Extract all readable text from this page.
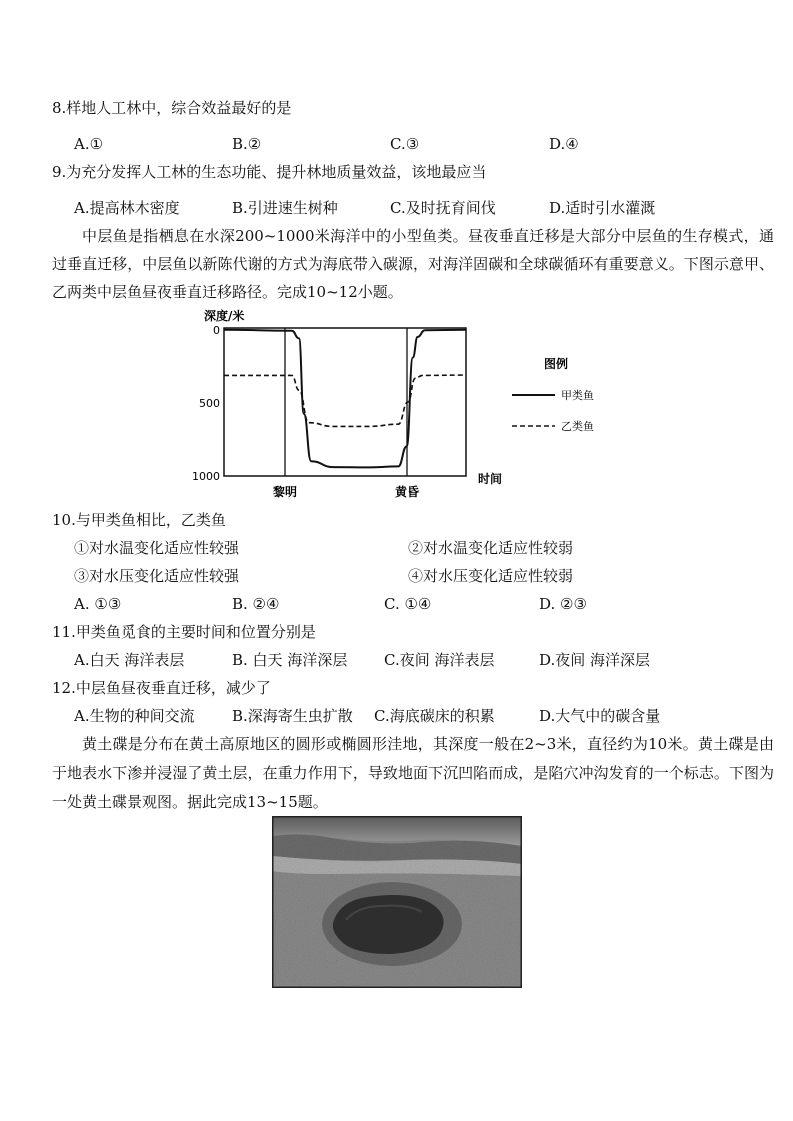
8.样地人工林中，综合效益最好的是
A.①	B.②	C.③	D.④
9.为充分发挥人工林的生态功能、提升林地质量效益，该地最应当
A.提高林木密度	B.引进速生树种	C.及时抚育间伐	D.适时引水灌溉
中层鱼是指栖息在水深200~1000米海洋中的小型鱼类。昼夜垂直迁移是大部分中层鱼的生存模式，通过垂直迁移，中层鱼以新陈代谢的方式为海底带入碳源，对海洋固碳和全球碳循环有重要意义。下图示意甲、乙两类中层鱼昼夜垂直迁移路径。完成10~12小题。
深度/米
0
500
1000
黎明	黄昏
时间
图例
甲类鱼
乙类鱼
10.与甲类鱼相比，乙类鱼
①对水温变化适应性较强	②对水温变化适应性较弱
③对水压变化适应性较强	④对水压变化适应性较弱
A. ①③	B. ②④	C. ①④	D. ②③
11.甲类鱼觅食的主要时间和位置分别是
A.白天 海洋表层	B. 白天 海洋深层 C.夜间 海洋表层	D.夜间 海洋深层
12.中层鱼昼夜垂直迁移，减少了
A.生物的种间交流 B.深海寄生虫扩散 C.海底碳床的积累	D.大气中的碳含量
黄土碟是分布在黄土高原地区的圆形或椭圆形洼地，其深度一般在2~3米，直径约为10米。黄土碟是由于地表水下渗并浸湿了黄土层，在重力作用下，导致地面下沉凹陷而成，是陷穴冲沟发育的一个标志。下图为一处黄土碟景观图。据此完成13~15题。
